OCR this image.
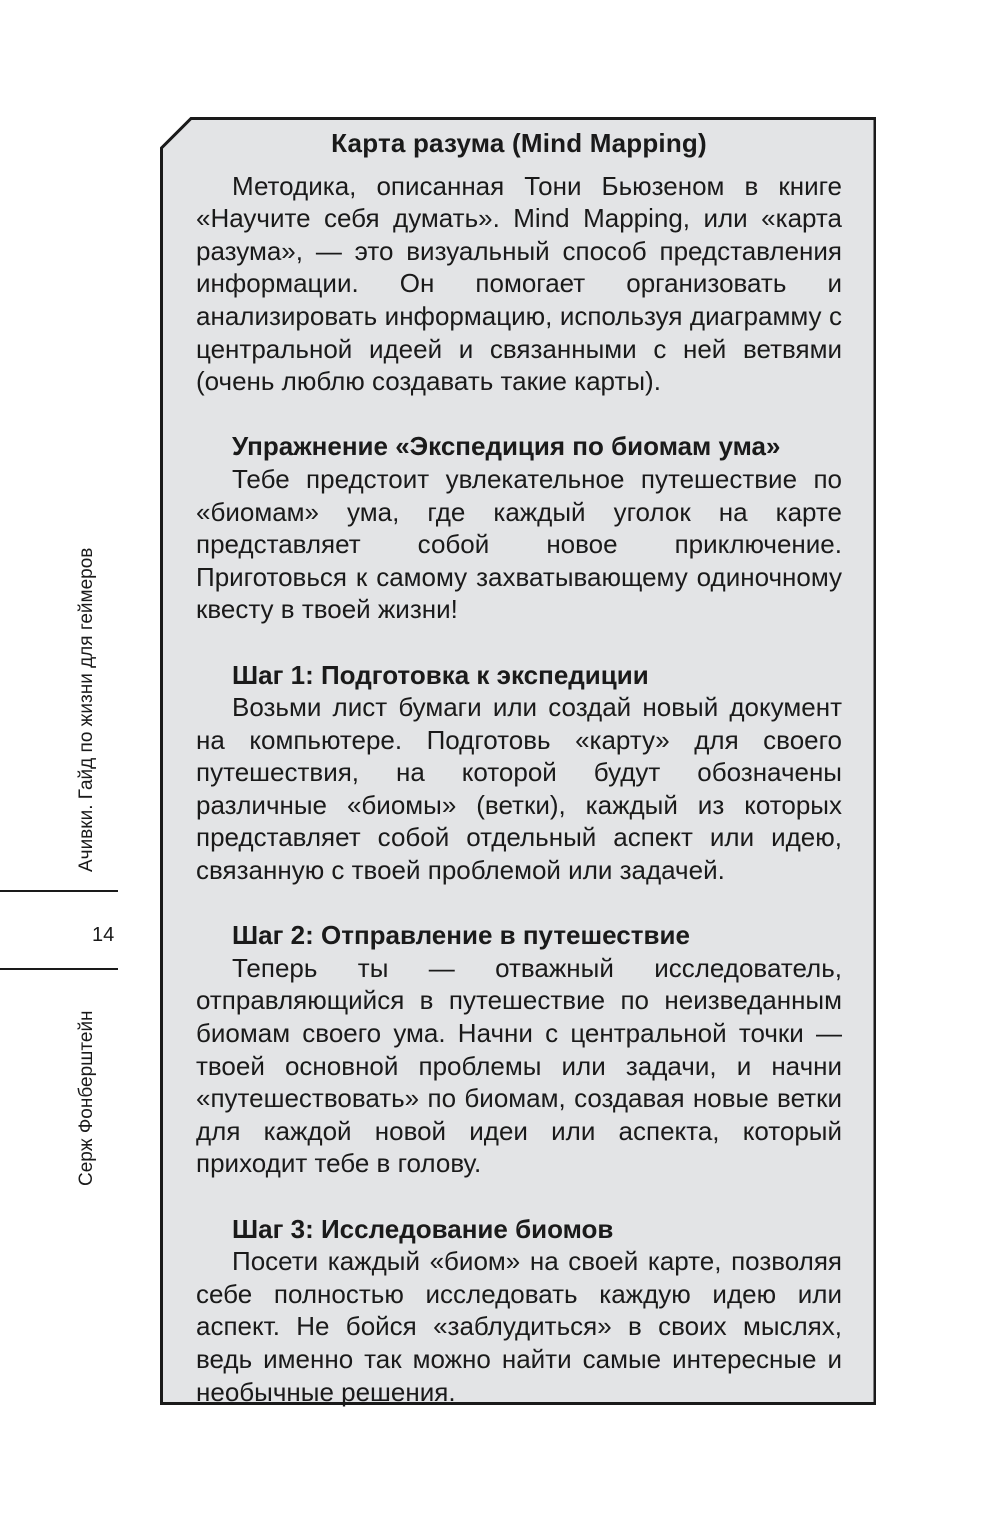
Ачивки. Гайд по жизни для геймеров
14
Серж Фонберштейн

Карта разума (Mind Mapping)

Методика, описанная Тони Бьюзеном в книге «Научите себя думать». Mind Mapping, или «карта разума», — это визуальный способ представления информации. Он помогает организовать и анализировать информацию, используя диаграмму с центральной идеей и связанными с ней ветвями (очень люблю создавать такие карты).

Упражнение «Экспедиция по биомам ума»

Тебе предстоит увлекательное путешествие по «биомам» ума, где каждый уголок на карте представляет собой новое приключение. Приготовься к самому захватывающему одиночному квесту в твоей жизни!

Шаг 1: Подготовка к экспедиции

Возьми лист бумаги или создай новый документ на компьютере. Подготовь «карту» для своего путешествия, на которой будут обозначены различные «биомы» (ветки), каждый из которых представляет собой отдельный аспект или идею, связанную с твоей проблемой или задачей.

Шаг 2: Отправление в путешествие

Теперь ты — отважный исследователь, отправляющийся в путешествие по неизведанным биомам своего ума. Начни с центральной точки — твоей основной проблемы или задачи, и начни «путешествовать» по биомам, создавая новые ветки для каждой новой идеи или аспекта, который приходит тебе в голову.

Шаг 3: Исследование биомов

Посети каждый «биом» на своей карте, позволяя себе полностью исследовать каждую идею или аспект. Не бойся «заблудиться» в своих мыслях, ведь именно так можно найти самые интересные и необычные решения.
